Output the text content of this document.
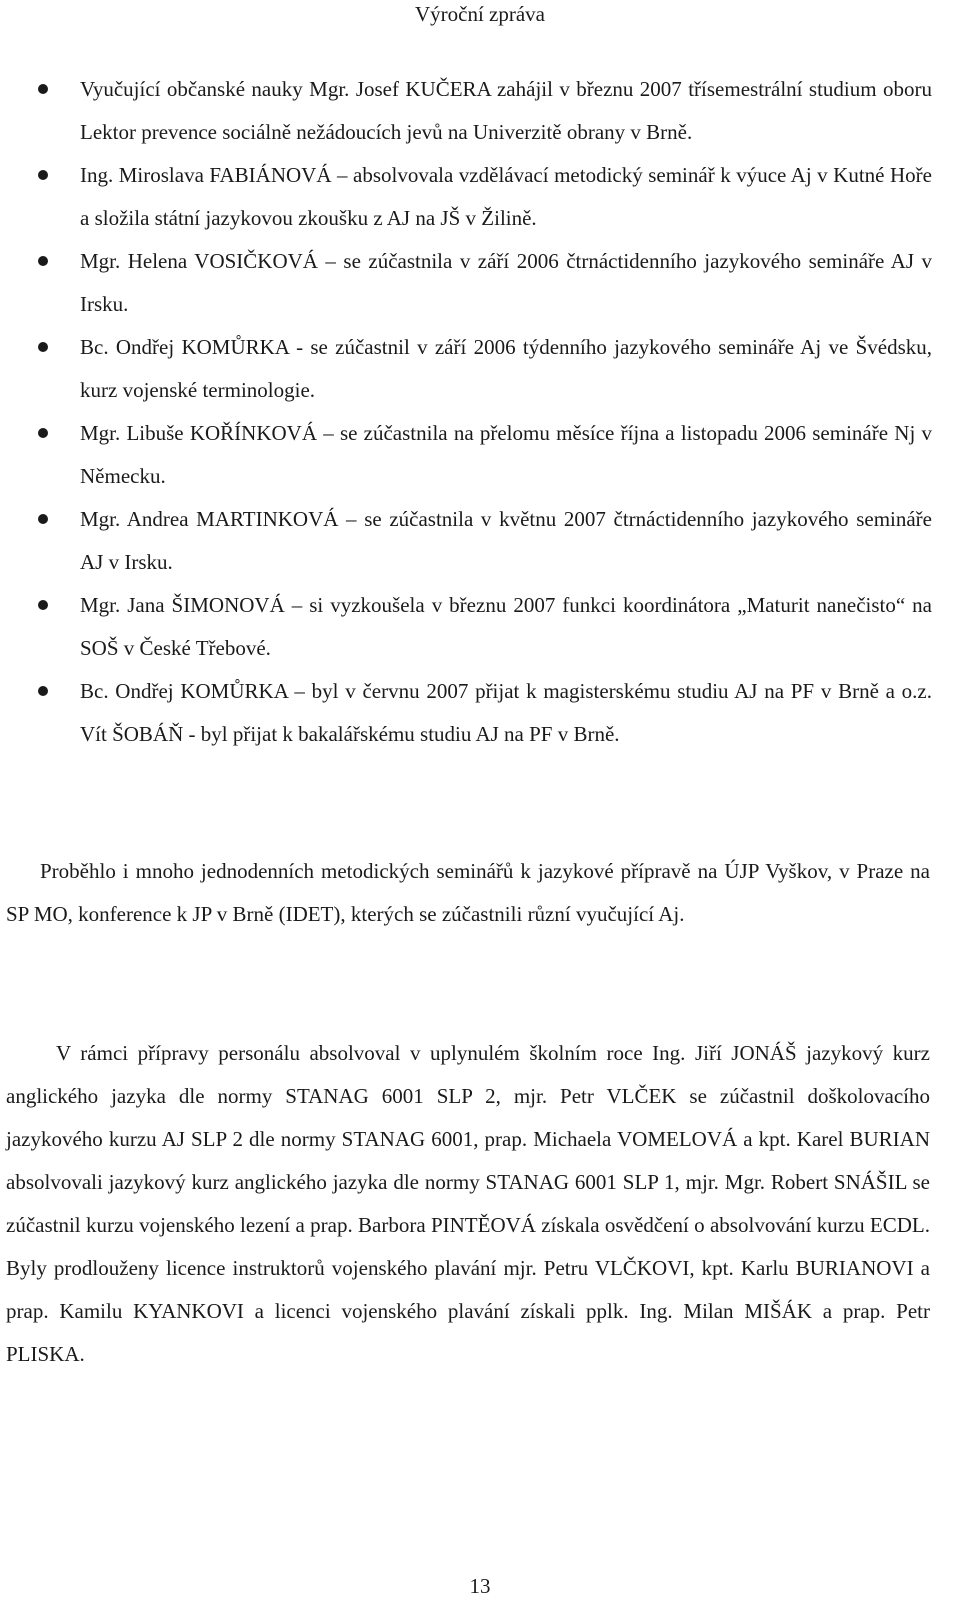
Výroční zpráva
Vyučující občanské nauky Mgr. Josef KUČERA zahájil v březnu 2007 třísemestrální studium oboru Lektor prevence sociálně nežádoucích jevů na Univerzitě obrany v Brně.
Ing. Miroslava FABIÁNOVÁ – absolvovala vzdělávací metodický seminář k výuce Aj v Kutné Hoře a složila státní jazykovou zkoušku z AJ na JŠ v Žilině.
Mgr. Helena VOSIČKOVÁ – se zúčastnila v září 2006 čtrnáctidenního jazykového semináře AJ v Irsku.
Bc. Ondřej KOMŮRKA - se zúčastnil v září 2006 týdenního jazykového semináře Aj ve Švédsku, kurz vojenské terminologie.
Mgr. Libuše KOŘÍNKOVÁ – se zúčastnila na přelomu měsíce října a listopadu 2006 semináře Nj v Německu.
Mgr. Andrea MARTINKOVÁ – se zúčastnila v květnu 2007 čtrnáctidenního jazykového semináře AJ v Irsku.
Mgr. Jana ŠIMONOVÁ – si vyzkoušela v březnu 2007 funkci koordinátora „Maturit nanečisto“ na SOŠ v České Třebové.
Bc. Ondřej KOMŮRKA – byl v červnu 2007 přijat k magisterskému studiu AJ na PF v Brně a o.z. Vít ŠOBÁŇ - byl přijat k bakalářskému studiu AJ na PF v Brně.

Proběhlo i mnoho jednodenních metodických seminářů k jazykové přípravě na ÚJP Vyškov, v Praze na SP MO, konference k JP v Brně (IDET), kterých se zúčastnili různí vyučující Aj.

V rámci přípravy personálu absolvoval v uplynulém školním roce Ing. Jiří JONÁŠ jazykový kurz anglického jazyka dle normy STANAG 6001 SLP 2, mjr. Petr VLČEK se zúčastnil doškolovacího jazykového kurzu AJ SLP 2 dle normy STANAG 6001, prap. Michaela VOMELOVÁ a kpt. Karel BURIAN absolvovali jazykový kurz anglického jazyka dle normy STANAG 6001 SLP 1, mjr. Mgr. Robert SNÁŠIL se zúčastnil kurzu vojenského lezení a prap. Barbora PINTĚOVÁ získala osvědčení o absolvování kurzu ECDL. Byly prodlouženy licence instruktorů vojenského plavání mjr. Petru VLČKOVI, kpt. Karlu BURIANOVI a prap. Kamilu KYANKOVI a licenci vojenského plavání získali pplk. Ing. Milan MIŠÁK a prap. Petr PLISKA.

13
